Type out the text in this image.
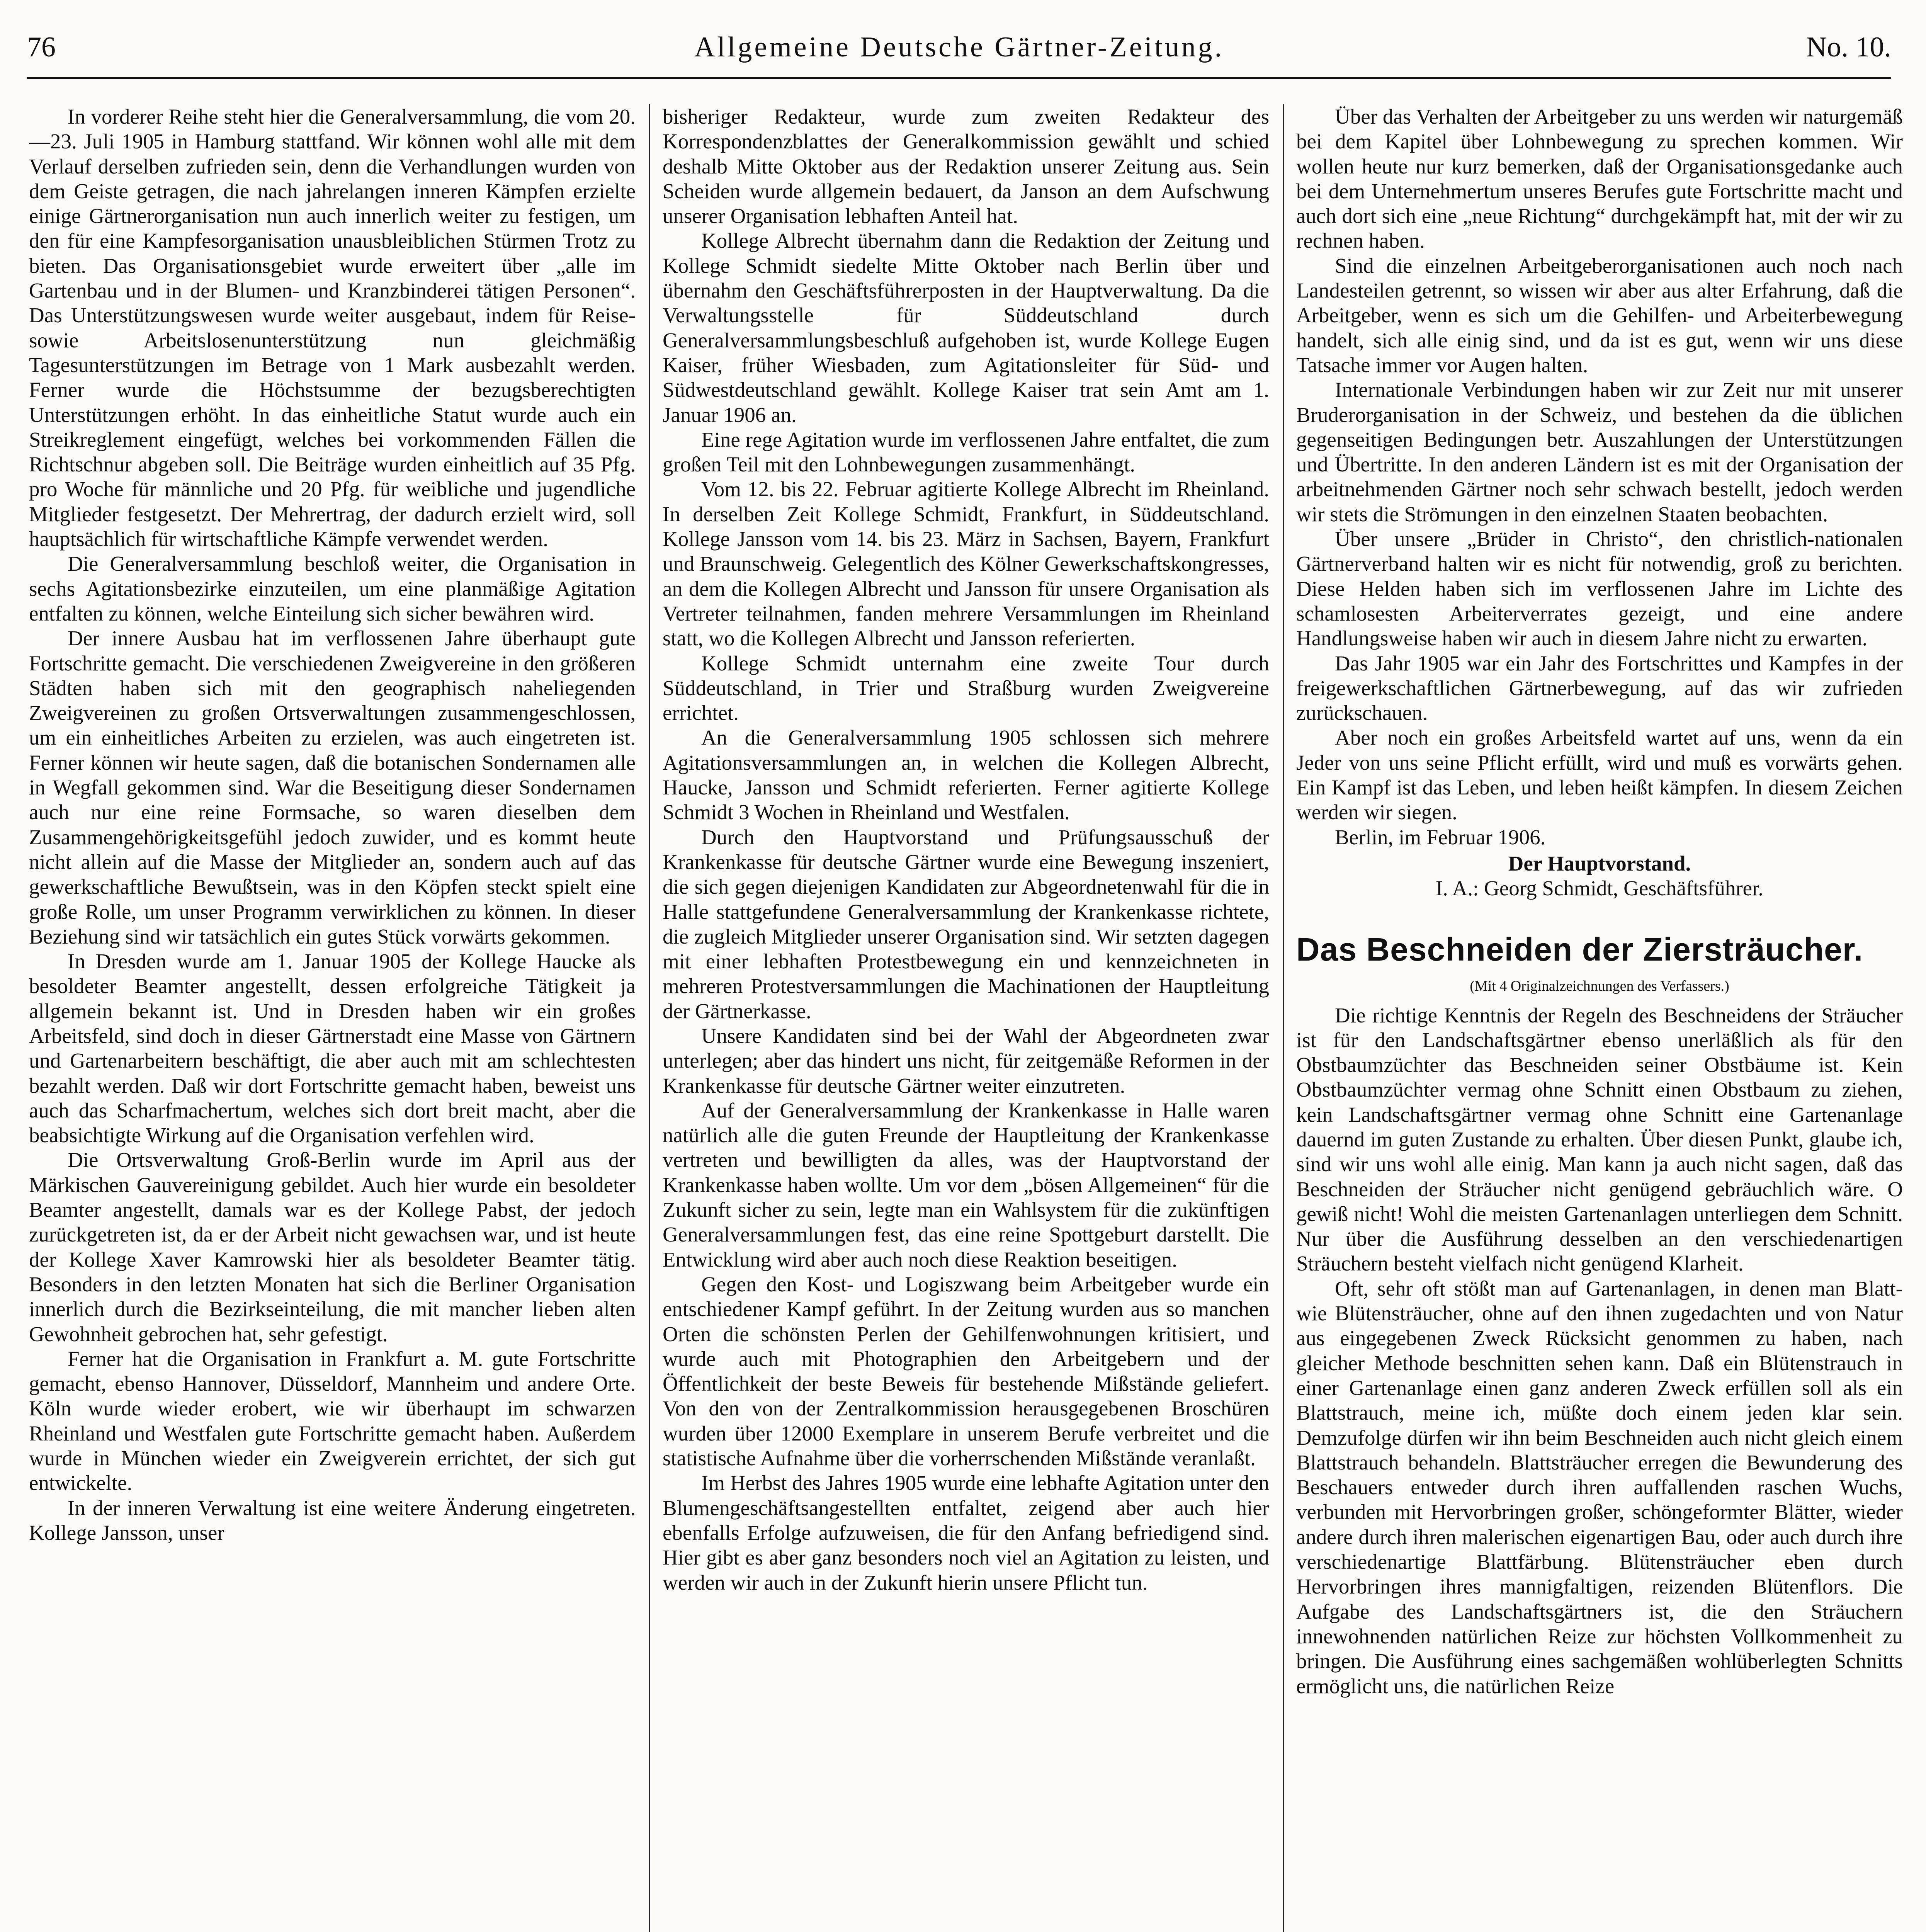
76	Allgemeine Deutsche Gärtner-Zeitung.	No. 10.

In vorderer Reihe steht hier die Generalversammlung, die vom 20.—23. Juli 1905 in Hamburg stattfand. Wir können wohl alle mit dem Verlauf derselben zufrieden sein, denn die Verhandlungen wurden von dem Geiste getragen, die nach jahrelangen inneren Kämpfen erzielte einige Gärtnerorganisation nun auch innerlich weiter zu festigen, um den für eine Kampfesorganisation unausbleiblichen Stürmen Trotz zu bieten. Das Organisationsgebiet wurde erweitert über „alle im Gartenbau und in der Blumen- und Kranzbinderei tätigen Personen“. Das Unterstützungswesen wurde weiter ausgebaut, indem für Reise- sowie Arbeitslosenunterstützung nun gleichmäßig Tagesunterstützungen im Betrage von 1 Mark ausbezahlt werden. Ferner wurde die Höchstsumme der bezugsberechtigten Unterstützungen erhöht. In das einheitliche Statut wurde auch ein Streikreglement eingefügt, welches bei vorkommenden Fällen die Richtschnur abgeben soll. Die Beiträge wurden einheitlich auf 35 Pfg. pro Woche für männliche und 20 Pfg. für weibliche und jugendliche Mitglieder festgesetzt. Der Mehrertrag, der dadurch erzielt wird, soll hauptsächlich für wirtschaftliche Kämpfe verwendet werden.

Die Generalversammlung beschloß weiter, die Organisation in sechs Agitationsbezirke einzuteilen, um eine planmäßige Agitation entfalten zu können, welche Einteilung sich sicher bewähren wird.

Der innere Ausbau hat im verflossenen Jahre überhaupt gute Fortschritte gemacht. Die verschiedenen Zweigvereine in den größeren Städten haben sich mit den geographisch naheliegenden Zweigvereinen zu großen Ortsverwaltungen zusammengeschlossen, um ein einheitliches Arbeiten zu erzielen, was auch eingetreten ist. Ferner können wir heute sagen, daß die botanischen Sondernamen alle in Wegfall gekommen sind. War die Beseitigung dieser Sondernamen auch nur eine reine Formsache, so waren dieselben dem Zusammengehörigkeitsgefühl jedoch zuwider, und es kommt heute nicht allein auf die Masse der Mitglieder an, sondern auch auf das gewerkschaftliche Bewußtsein, was in den Köpfen steckt spielt eine große Rolle, um unser Programm verwirklichen zu können. In dieser Beziehung sind wir tatsächlich ein gutes Stück vorwärts gekommen.

In Dresden wurde am 1. Januar 1905 der Kollege Haucke als besoldeter Beamter angestellt, dessen erfolgreiche Tätigkeit ja allgemein bekannt ist. Und in Dresden haben wir ein großes Arbeitsfeld, sind doch in dieser Gärtnerstadt eine Masse von Gärtnern und Gartenarbeitern beschäftigt, die aber auch mit am schlechtesten bezahlt werden. Daß wir dort Fortschritte gemacht haben, beweist uns auch das Scharfmachertum, welches sich dort breit macht, aber die beabsichtigte Wirkung auf die Organisation verfehlen wird.

Die Ortsverwaltung Groß-Berlin wurde im April aus der Märkischen Gauvereinigung gebildet. Auch hier wurde ein besoldeter Beamter angestellt, damals war es der Kollege Pabst, der jedoch zurückgetreten ist, da er der Arbeit nicht gewachsen war, und ist heute der Kollege Xaver Kamrowski hier als besoldeter Beamter tätig. Besonders in den letzten Monaten hat sich die Berliner Organisation innerlich durch die Bezirkseinteilung, die mit mancher lieben alten Gewohnheit gebrochen hat, sehr gefestigt.

Ferner hat die Organisation in Frankfurt a. M. gute Fortschritte gemacht, ebenso Hannover, Düsseldorf, Mannheim und andere Orte. Köln wurde wieder erobert, wie wir überhaupt im schwarzen Rheinland und Westfalen gute Fortschritte gemacht haben. Außerdem wurde in München wieder ein Zweigverein errichtet, der sich gut entwickelte.

In der inneren Verwaltung ist eine weitere Änderung eingetreten. Kollege Jansson, unser

bisheriger Redakteur, wurde zum zweiten Redakteur des Korrespondenzblattes der Generalkommission gewählt und schied deshalb Mitte Oktober aus der Redaktion unserer Zeitung aus. Sein Scheiden wurde allgemein bedauert, da Janson an dem Aufschwung unserer Organisation lebhaften Anteil hat.

Kollege Albrecht übernahm dann die Redaktion der Zeitung und Kollege Schmidt siedelte Mitte Oktober nach Berlin über und übernahm den Geschäftsführerposten in der Hauptverwaltung. Da die Verwaltungsstelle für Süddeutschland durch Generalversammlungsbeschluß aufgehoben ist, wurde Kollege Eugen Kaiser, früher Wiesbaden, zum Agitationsleiter für Süd- und Südwestdeutschland gewählt. Kollege Kaiser trat sein Amt am 1. Januar 1906 an.

Eine rege Agitation wurde im verflossenen Jahre entfaltet, die zum großen Teil mit den Lohnbewegungen zusammenhängt.

Vom 12. bis 22. Februar agitierte Kollege Albrecht im Rheinland. In derselben Zeit Kollege Schmidt, Frankfurt, in Süddeutschland. Kollege Jansson vom 14. bis 23. März in Sachsen, Bayern, Frankfurt und Braunschweig. Gelegentlich des Kölner Gewerkschaftskongresses, an dem die Kollegen Albrecht und Jansson für unsere Organisation als Vertreter teilnahmen, fanden mehrere Versammlungen im Rheinland statt, wo die Kollegen Albrecht und Jansson referierten.

Kollege Schmidt unternahm eine zweite Tour durch Süddeutschland, in Trier und Straßburg wurden Zweigvereine errichtet.

An die Generalversammlung 1905 schlossen sich mehrere Agitationsversammlungen an, in welchen die Kollegen Albrecht, Haucke, Jansson und Schmidt referierten. Ferner agitierte Kollege Schmidt 3 Wochen in Rheinland und Westfalen.

Durch den Hauptvorstand und Prüfungsausschuß der Krankenkasse für deutsche Gärtner wurde eine Bewegung inszeniert, die sich gegen diejenigen Kandidaten zur Abgeordnetenwahl für die in Halle stattgefundene Generalversammlung der Krankenkasse richtete, die zugleich Mitglieder unserer Organisation sind. Wir setzten dagegen mit einer lebhaften Protestbewegung ein und kennzeichneten in mehreren Protestversammlungen die Machinationen der Hauptleitung der Gärtnerkasse.

Unsere Kandidaten sind bei der Wahl der Abgeordneten zwar unterlegen; aber das hindert uns nicht, für zeitgemäße Reformen in der Krankenkasse für deutsche Gärtner weiter einzutreten.

Auf der Generalversammlung der Krankenkasse in Halle waren natürlich alle die guten Freunde der Hauptleitung der Krankenkasse vertreten und bewilligten da alles, was der Hauptvorstand der Krankenkasse haben wollte. Um vor dem „bösen Allgemeinen“ für die Zukunft sicher zu sein, legte man ein Wahlsystem für die zukünftigen Generalversammlungen fest, das eine reine Spottgeburt darstellt. Die Entwicklung wird aber auch noch diese Reaktion beseitigen.

Gegen den Kost- und Logiszwang beim Arbeitgeber wurde ein entschiedener Kampf geführt. In der Zeitung wurden aus so manchen Orten die schönsten Perlen der Gehilfenwohnungen kritisiert, und wurde auch mit Photographien den Arbeitgebern und der Öffentlichkeit der beste Beweis für bestehende Mißstände geliefert. Von den von der Zentralkommission herausgegebenen Broschüren wurden über 12000 Exemplare in unserem Berufe verbreitet und die statistische Aufnahme über die vorherrschenden Mißstände veranlaßt.

Im Herbst des Jahres 1905 wurde eine lebhafte Agitation unter den Blumengeschäftsangestellten entfaltet, zeigend aber auch hier ebenfalls Erfolge aufzuweisen, die für den Anfang befriedigend sind. Hier gibt es aber ganz besonders noch viel an Agitation zu leisten, und werden wir auch in der Zukunft hierin unsere Pflicht tun.

Über das Verhalten der Arbeitgeber zu uns werden wir naturgemäß bei dem Kapitel über Lohnbewegung zu sprechen kommen. Wir wollen heute nur kurz bemerken, daß der Organisationsgedanke auch bei dem Unternehmertum unseres Berufes gute Fortschritte macht und auch dort sich eine „neue Richtung“ durchgekämpft hat, mit der wir zu rechnen haben.

Sind die einzelnen Arbeitgeberorganisationen auch noch nach Landesteilen getrennt, so wissen wir aber aus alter Erfahrung, daß die Arbeitgeber, wenn es sich um die Gehilfen- und Arbeiterbewegung handelt, sich alle einig sind, und da ist es gut, wenn wir uns diese Tatsache immer vor Augen halten.

Internationale Verbindungen haben wir zur Zeit nur mit unserer Bruderorganisation in der Schweiz, und bestehen da die üblichen gegenseitigen Bedingungen betr. Auszahlungen der Unterstützungen und Übertritte. In den anderen Ländern ist es mit der Organisation der arbeitnehmenden Gärtner noch sehr schwach bestellt, jedoch werden wir stets die Strömungen in den einzelnen Staaten beobachten.

Über unsere „Brüder in Christo“, den christlich-nationalen Gärtnerverband halten wir es nicht für notwendig, groß zu berichten. Diese Helden haben sich im verflossenen Jahre im Lichte des schamlosesten Arbeiterverrates gezeigt, und eine andere Handlungsweise haben wir auch in diesem Jahre nicht zu erwarten.

Das Jahr 1905 war ein Jahr des Fortschrittes und Kampfes in der freigewerkschaftlichen Gärtnerbewegung, auf das wir zufrieden zurückschauen.

Aber noch ein großes Arbeitsfeld wartet auf uns, wenn da ein Jeder von uns seine Pflicht erfüllt, wird und muß es vorwärts gehen. Ein Kampf ist das Leben, und leben heißt kämpfen. In diesem Zeichen werden wir siegen.

Berlin, im Februar 1906.

Der Hauptvorstand.

I. A.: Georg Schmidt, Geschäftsführer.

Das Beschneiden der Ziersträucher.
(Mit 4 Originalzeichnungen des Verfassers.)

Die richtige Kenntnis der Regeln des Beschneidens der Sträucher ist für den Landschaftsgärtner ebenso unerläßlich als für den Obstbaumzüchter das Beschneiden seiner Obstbäume ist. Kein Obstbaumzüchter vermag ohne Schnitt einen Obstbaum zu ziehen, kein Landschaftsgärtner vermag ohne Schnitt eine Gartenanlage dauernd im guten Zustande zu erhalten. Über diesen Punkt, glaube ich, sind wir uns wohl alle einig. Man kann ja auch nicht sagen, daß das Beschneiden der Sträucher nicht genügend gebräuchlich wäre. O gewiß nicht! Wohl die meisten Gartenanlagen unterliegen dem Schnitt. Nur über die Ausführung desselben an den verschiedenartigen Sträuchern besteht vielfach nicht genügend Klarheit.

Oft, sehr oft stößt man auf Gartenanlagen, in denen man Blatt- wie Blütensträucher, ohne auf den ihnen zugedachten und von Natur aus eingegebenen Zweck Rücksicht genommen zu haben, nach gleicher Methode beschnitten sehen kann. Daß ein Blütenstrauch in einer Gartenanlage einen ganz anderen Zweck erfüllen soll als ein Blattstrauch, meine ich, müßte doch einem jeden klar sein. Demzufolge dürfen wir ihn beim Beschneiden auch nicht gleich einem Blattstrauch behandeln. Blattsträucher erregen die Bewunderung des Beschauers entweder durch ihren auffallenden raschen Wuchs, verbunden mit Hervorbringen großer, schöngeformter Blätter, wieder andere durch ihren malerischen eigenartigen Bau, oder auch durch ihre verschiedenartige Blattfärbung. Blütensträucher eben durch Hervorbringen ihres mannigfaltigen, reizenden Blütenflors. Die Aufgabe des Landschaftsgärtners ist, die den Sträuchern innewohnenden natürlichen Reize zur höchsten Vollkommenheit zu bringen. Die Ausführung eines sachgemäßen wohlüberlegten Schnitts ermöglicht uns, die natürlichen Reize
